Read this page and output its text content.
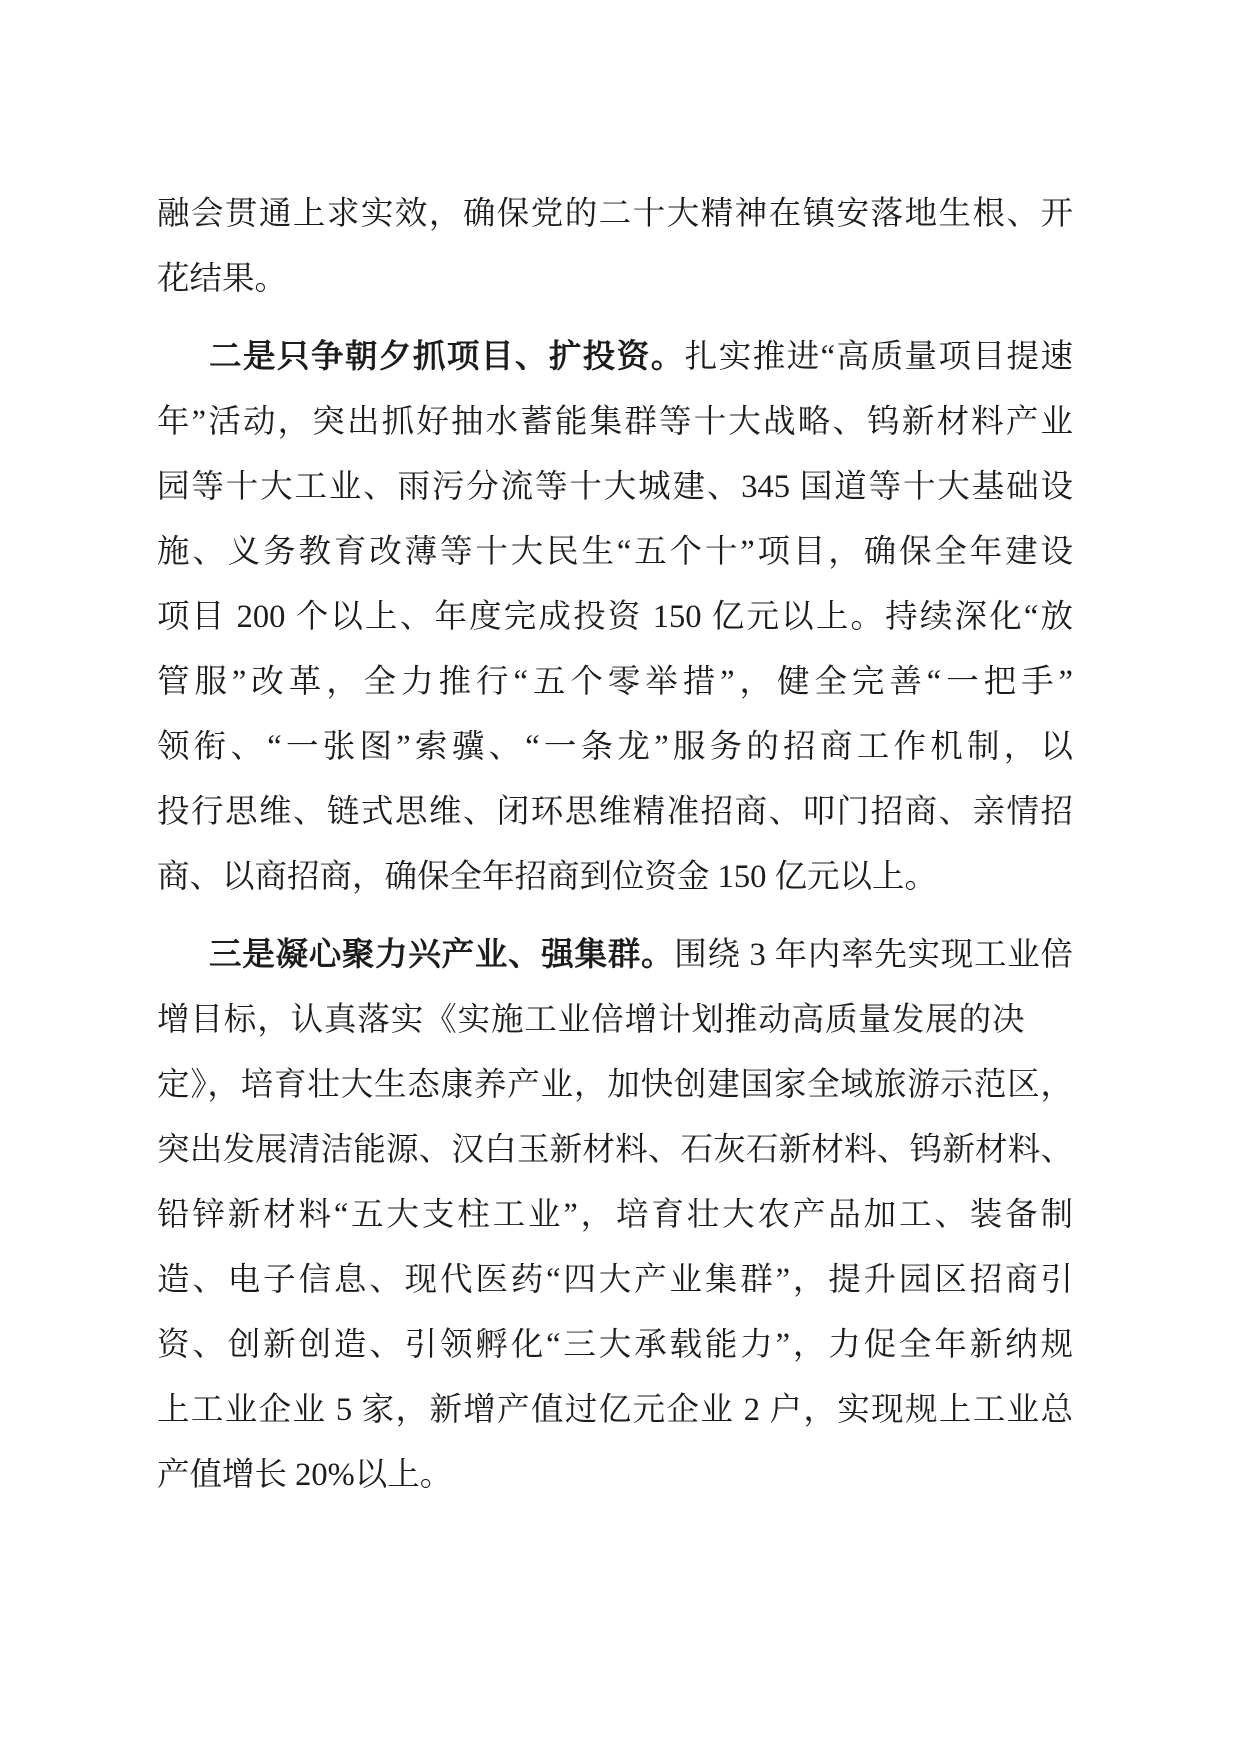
融会贯通上求实效，确保党的二十大精神在镇安落地生根、开
花结果。
二是只争朝夕抓项目、扩投资。扎实推进“高质量项目提速
年”活动，突出抓好抽水蓄能集群等十大战略、钨新材料产业
园等十大工业、雨污分流等十大城建、345 国道等十大基础设
施、义务教育改薄等十大民生“五个十”项目，确保全年建设
项目 200 个以上、年度完成投资 150 亿元以上。持续深化“放
管服”改革，全力推行“五个零举措”，健全完善“一把手”
领衔、“一张图”索骥、“一条龙”服务的招商工作机制，以
投行思维、链式思维、闭环思维精准招商、叩门招商、亲情招
商、以商招商，确保全年招商到位资金 150 亿元以上。
三是凝心聚力兴产业、强集群。围绕 3 年内率先实现工业倍
增目标，认真落实《实施工业倍增计划推动高质量发展的决
定》，培育壮大生态康养产业，加快创建国家全域旅游示范区，
突出发展清洁能源、汉白玉新材料、石灰石新材料、钨新材料、
铅锌新材料“五大支柱工业”，培育壮大农产品加工、装备制
造、电子信息、现代医药“四大产业集群”，提升园区招商引
资、创新创造、引领孵化“三大承载能力”，力促全年新纳规
上工业企业 5 家，新增产值过亿元企业 2 户，实现规上工业总
产值增长 20%以上。
